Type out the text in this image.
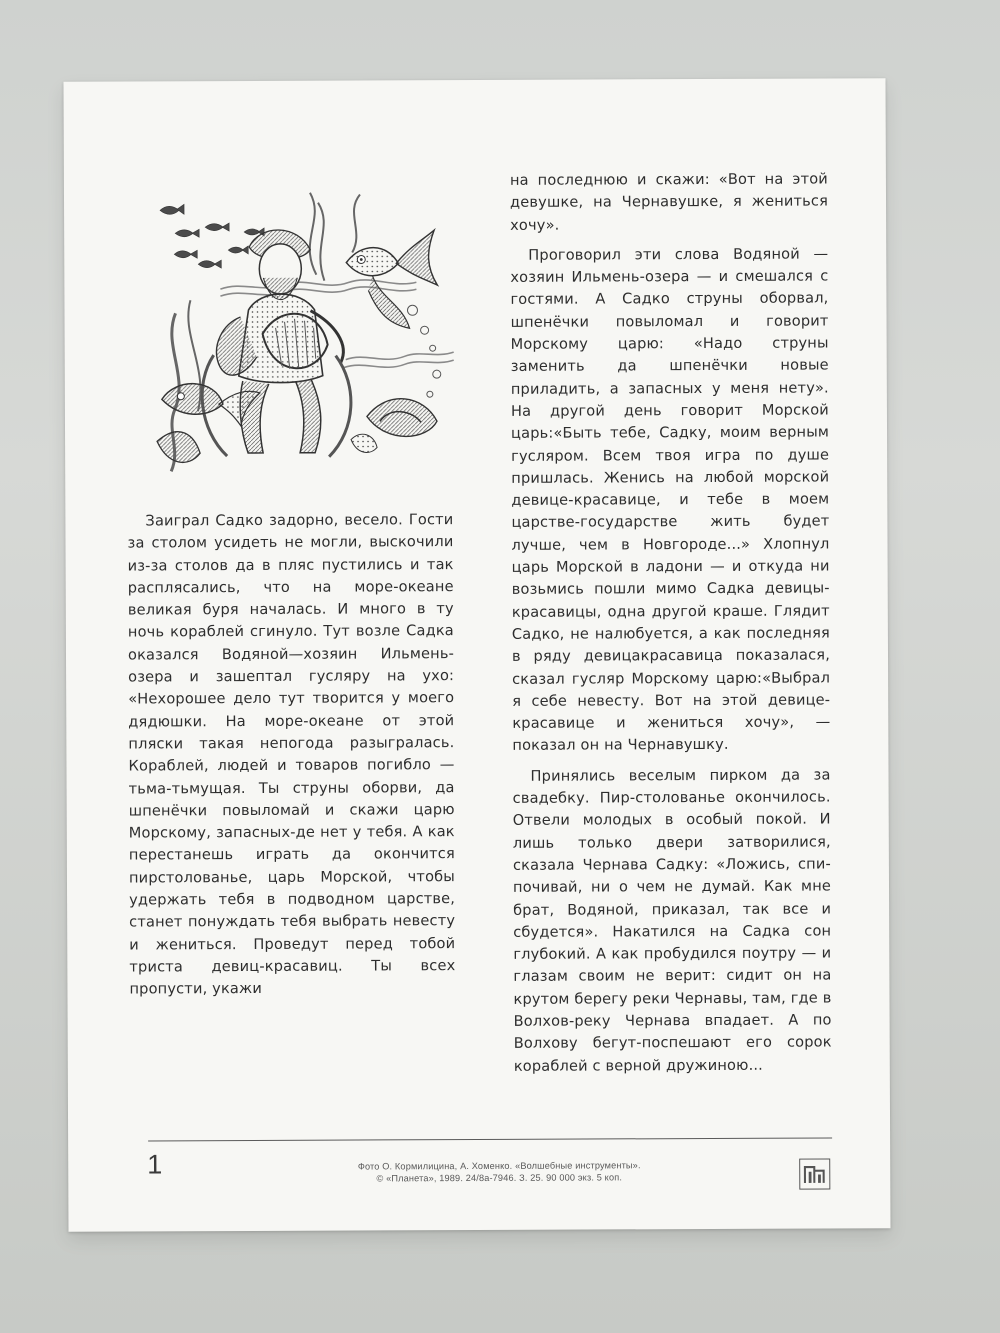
Заиграл Садко задорно, весело. Гости за столом усидеть не могли, выскочили из-за столов да в пляс пустились и так расплясались, что на море-океане великая буря началась. И много в ту ночь кораблей сгинуло. Тут возле Садка оказался Водяной—хозяин Ильмень-озера и зашептал гусляру на ухо: «Нехорошее дело тут творится у моего дядюшки. На море-океане от этой пляски такая непогода разыгралась. Кораблей, людей и товаров погибло — тьма-тьмущая. Ты струны оборви, да шпенёчки повыломай и скажи царю Морскому, запасных-де нет у тебя. А как перестанешь играть да окончится пирстолованье, царь Морской, чтобы удержать тебя в подводном царстве, станет понуждать тебя выбрать невесту и жениться. Проведут перед тобой триста девиц-красавиц. Ты всех пропусти, укажи

на последнюю и скажи: «Вот на этой девушке, на Чернавушке, я жениться хочу».

Проговорил эти слова Водяной — хозяин Ильмень-озера — и смешался с гостями. А Садко струны оборвал, шпенёчки повыломал и говорит Морскому царю: «Надо струны заменить да шпенёчки новые приладить, а запасных у меня нету». На другой день говорит Морской царь:«Быть тебе, Садку, моим верным гусляром. Всем твоя игра по душе пришлась. Женись на любой морской девице-красавице, и тебе в моем царстве-государстве жить будет лучше, чем в Новгороде...» Хлопнул царь Морской в ладони — и откуда ни возьмись пошли мимо Садка девицы-красавицы, одна другой краше. Глядит Садко, не налюбуется, а как последняя в ряду девицакрасавица показалася, сказал гусляр Морскому царю:«Выбрал я себе невесту. Вот на этой девице-красавице и жениться хочу», — показал он на Чернавушку.

Принялись веселым пирком да за свадебку. Пир-столованье окончилось. Отвели молодых в особый покой. И лишь только двери затворилися, сказала Чернава Садку: «Ложись, спи-почивай, ни о чем не думай. Как мне брат, Водяной, приказал, так все и сбудется». Накатился на Садка сон глубокий. А как пробудился поутру — и глазам своим не верит: сидит он на крутом берегу реки Чернавы, там, где в Волхов-реку Чернава впадает. А по Волхову бегут-поспешают его сорок кораблей с верной дружиною...

1	Фото О. Кормилицина, А. Хоменко. «Волшебные инструменты».
© «Планета», 1989. 24/8а-7946. З. 25. 90 000 экз. 5 коп.
